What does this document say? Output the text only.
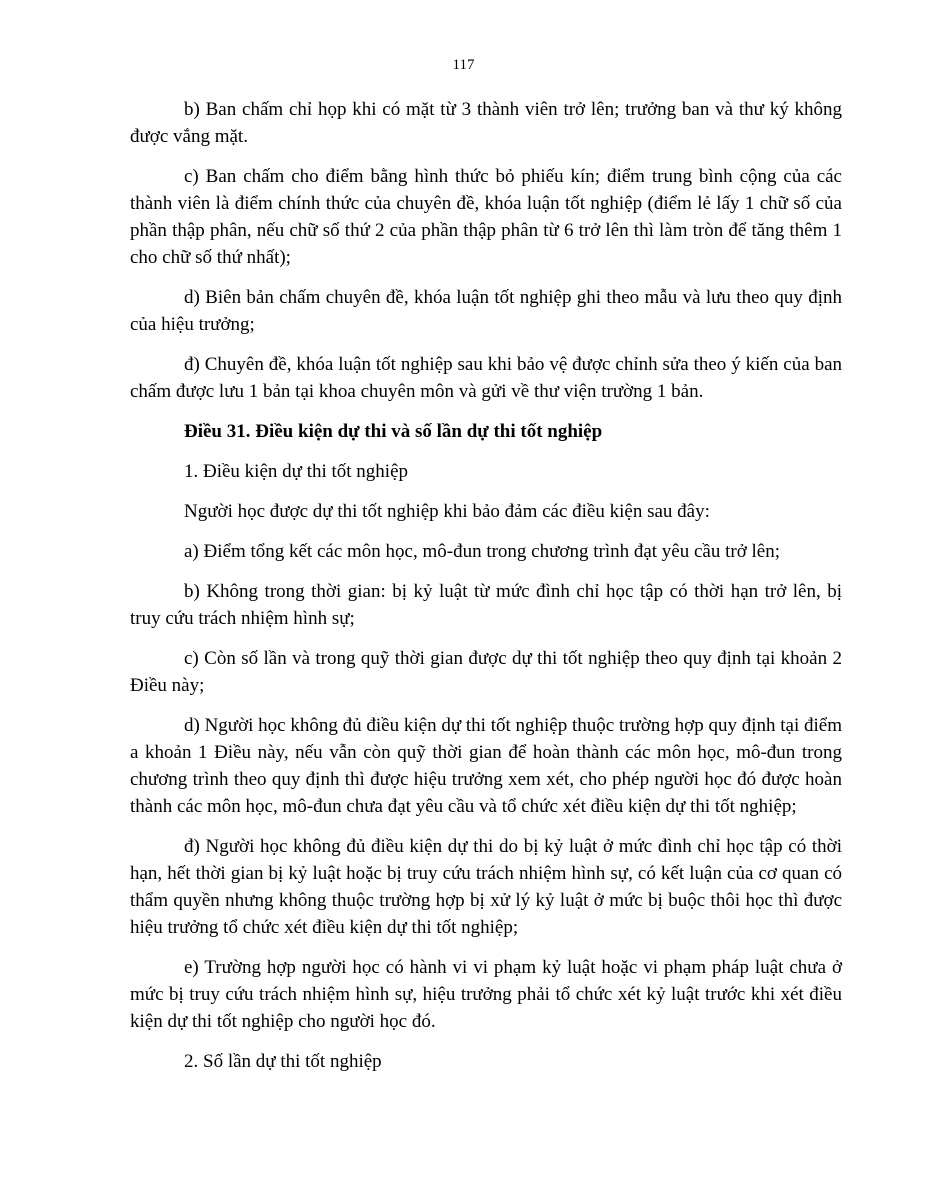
117

b) Ban chấm chỉ họp khi có mặt từ 3 thành viên trở lên; trưởng ban và thư ký không được vắng mặt.

c) Ban chấm cho điểm bằng hình thức bỏ phiếu kín; điểm trung bình cộng của các thành viên là điểm chính thức của chuyên đề, khóa luận tốt nghiệp (điểm lẻ lấy 1 chữ số của phần thập phân, nếu chữ số thứ 2 của phần thập phân từ 6 trở lên thì làm tròn để tăng thêm 1 cho chữ số thứ nhất);

d) Biên bản chấm chuyên đề, khóa luận tốt nghiệp ghi theo mẫu và lưu theo quy định của hiệu trưởng;

đ) Chuyên đề, khóa luận tốt nghiệp sau khi bảo vệ được chỉnh sửa theo ý kiến của ban chấm được lưu 1 bản tại khoa chuyên môn và gửi về thư viện trường 1 bản.

Điều 31. Điều kiện dự thi và số lần dự thi tốt nghiệp

1. Điều kiện dự thi tốt nghiệp

Người học được dự thi tốt nghiệp khi bảo đảm các điều kiện sau đây:

a) Điểm tổng kết các môn học, mô-đun trong chương trình đạt yêu cầu trở lên;

b) Không trong thời gian: bị kỷ luật từ mức đình chỉ học tập có thời hạn trở lên, bị truy cứu trách nhiệm hình sự;

c) Còn số lần và trong quỹ thời gian được dự thi tốt nghiệp theo quy định tại khoản 2 Điều này;

d) Người học không đủ điều kiện dự thi tốt nghiệp thuộc trường hợp quy định tại điểm a khoản 1 Điều này, nếu vẫn còn quỹ thời gian để hoàn thành các môn học, mô-đun trong chương trình theo quy định thì được hiệu trưởng xem xét, cho phép người học đó được hoàn thành các môn học, mô-đun chưa đạt yêu cầu và tổ chức xét điều kiện dự thi tốt nghiệp;

đ) Người học không đủ điều kiện dự thi do bị kỷ luật ở mức đình chỉ học tập có thời hạn, hết thời gian bị kỷ luật hoặc bị truy cứu trách nhiệm hình sự, có kết luận của cơ quan có thẩm quyền nhưng không thuộc trường hợp bị xử lý kỷ luật ở mức bị buộc thôi học thì được hiệu trưởng tổ chức xét điều kiện dự thi tốt nghiệp;

e) Trường hợp người học có hành vi vi phạm kỷ luật hoặc vi phạm pháp luật chưa ở mức bị truy cứu trách nhiệm hình sự, hiệu trưởng phải tổ chức xét kỷ luật trước khi xét điều kiện dự thi tốt nghiệp cho người học đó.

2. Số lần dự thi tốt nghiệp
